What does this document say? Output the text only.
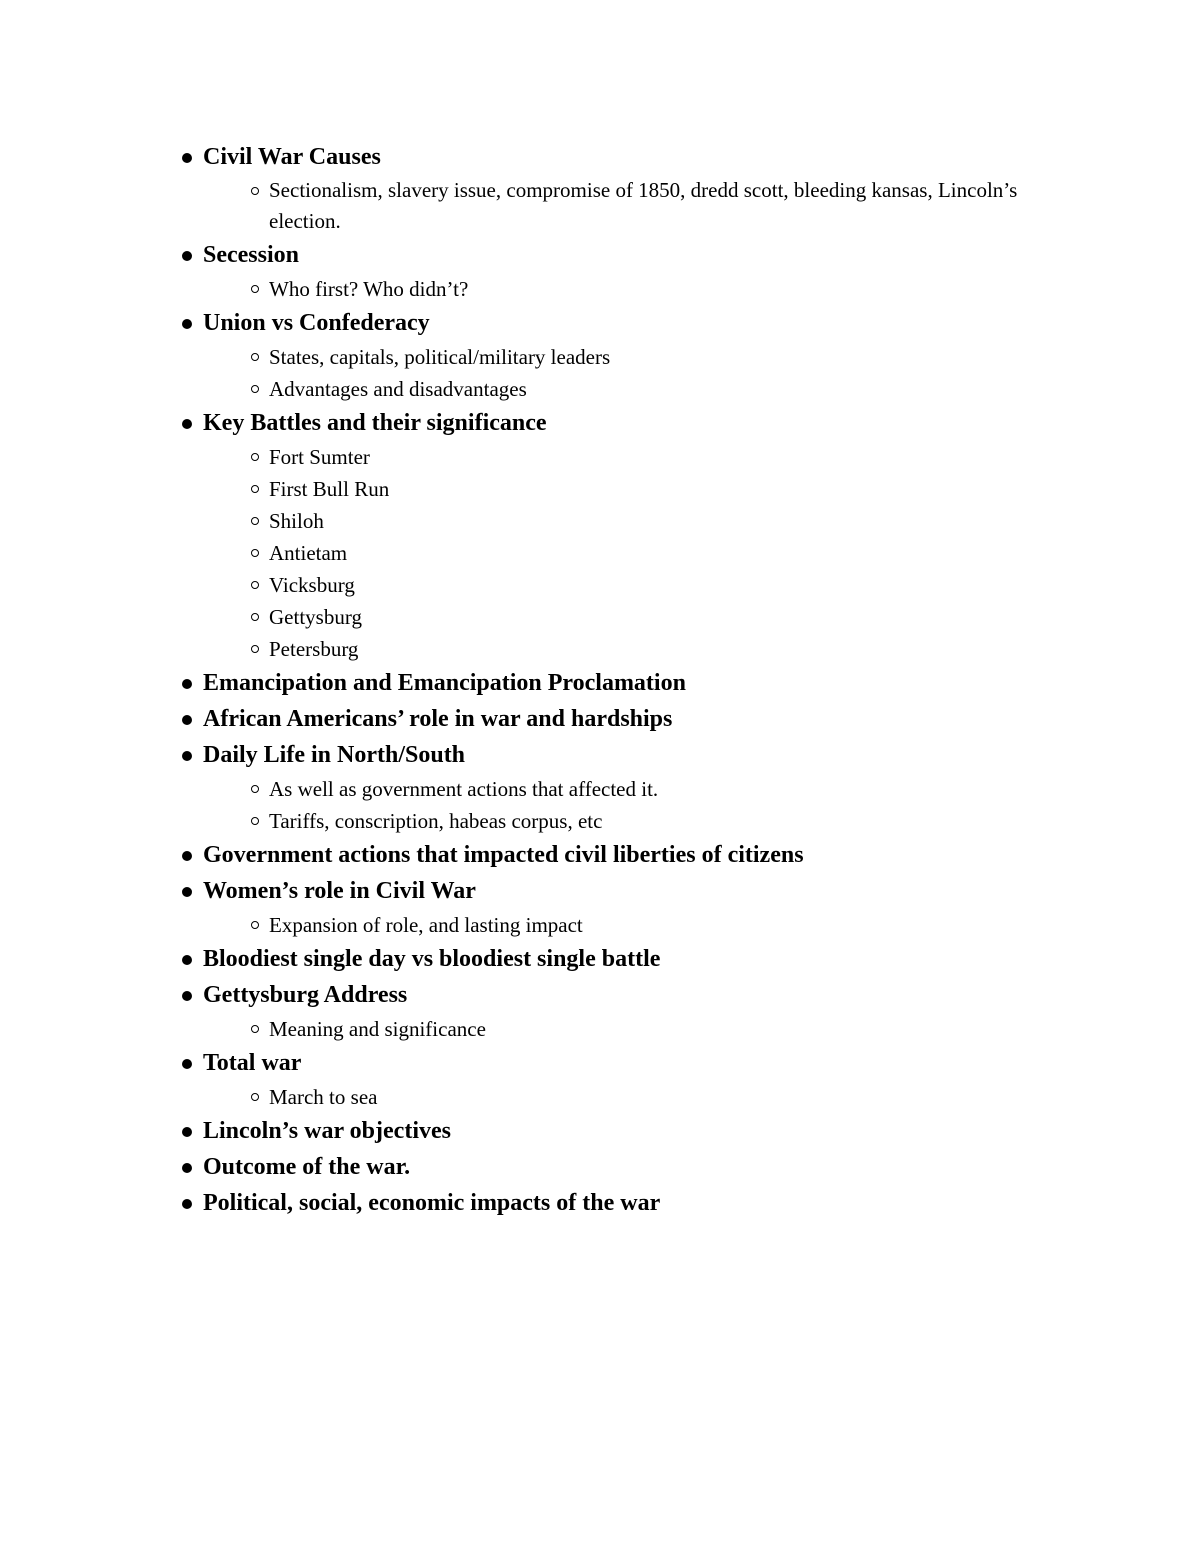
Civil War Causes
Sectionalism, slavery issue, compromise of 1850, dredd scott, bleeding kansas, Lincoln’s election.
Secession
Who first? Who didn’t?
Union vs Confederacy
States, capitals, political/military leaders
Advantages and disadvantages
Key Battles and their significance
Fort Sumter
First Bull Run
Shiloh
Antietam
Vicksburg
Gettysburg
Petersburg
Emancipation and Emancipation Proclamation
African Americans’ role in war and hardships
Daily Life in North/South
As well as government actions that affected it.
Tariffs, conscription, habeas corpus, etc
Government actions that impacted civil liberties of citizens
Women’s role in Civil War
Expansion of role, and lasting impact
Bloodiest single day vs bloodiest single battle
Gettysburg Address
Meaning and significance
Total war
March to sea
Lincoln’s war objectives
Outcome of the war.
Political, social, economic impacts of the war
